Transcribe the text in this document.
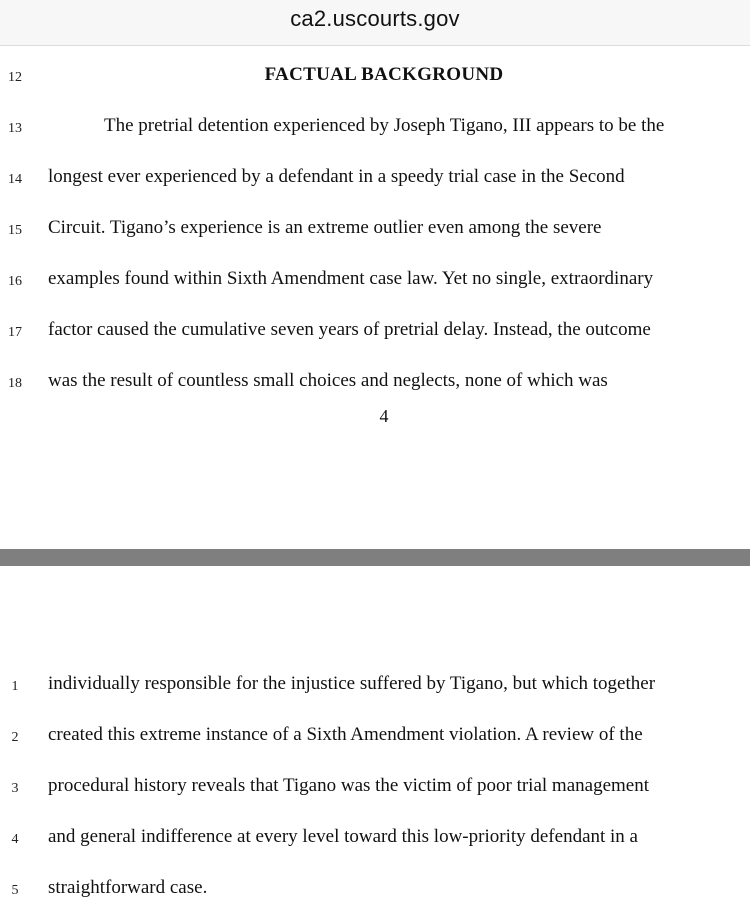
ca2.uscourts.gov
12	FACTUAL BACKGROUND
13	The pretrial detention experienced by Joseph Tigano, III appears to be the
14	longest ever experienced by a defendant in a speedy trial case in the Second
15	Circuit. Tigano’s experience is an extreme outlier even among the severe
16	examples found within Sixth Amendment case law. Yet no single, extraordinary
17	factor caused the cumulative seven years of pretrial delay. Instead, the outcome
18	was the result of countless small choices and neglects, none of which was
4
1	individually responsible for the injustice suffered by Tigano, but which together
2	created this extreme instance of a Sixth Amendment violation. A review of the
3	procedural history reveals that Tigano was the victim of poor trial management
4	and general indifference at every level toward this low-priority defendant in a
5	straightforward case.
